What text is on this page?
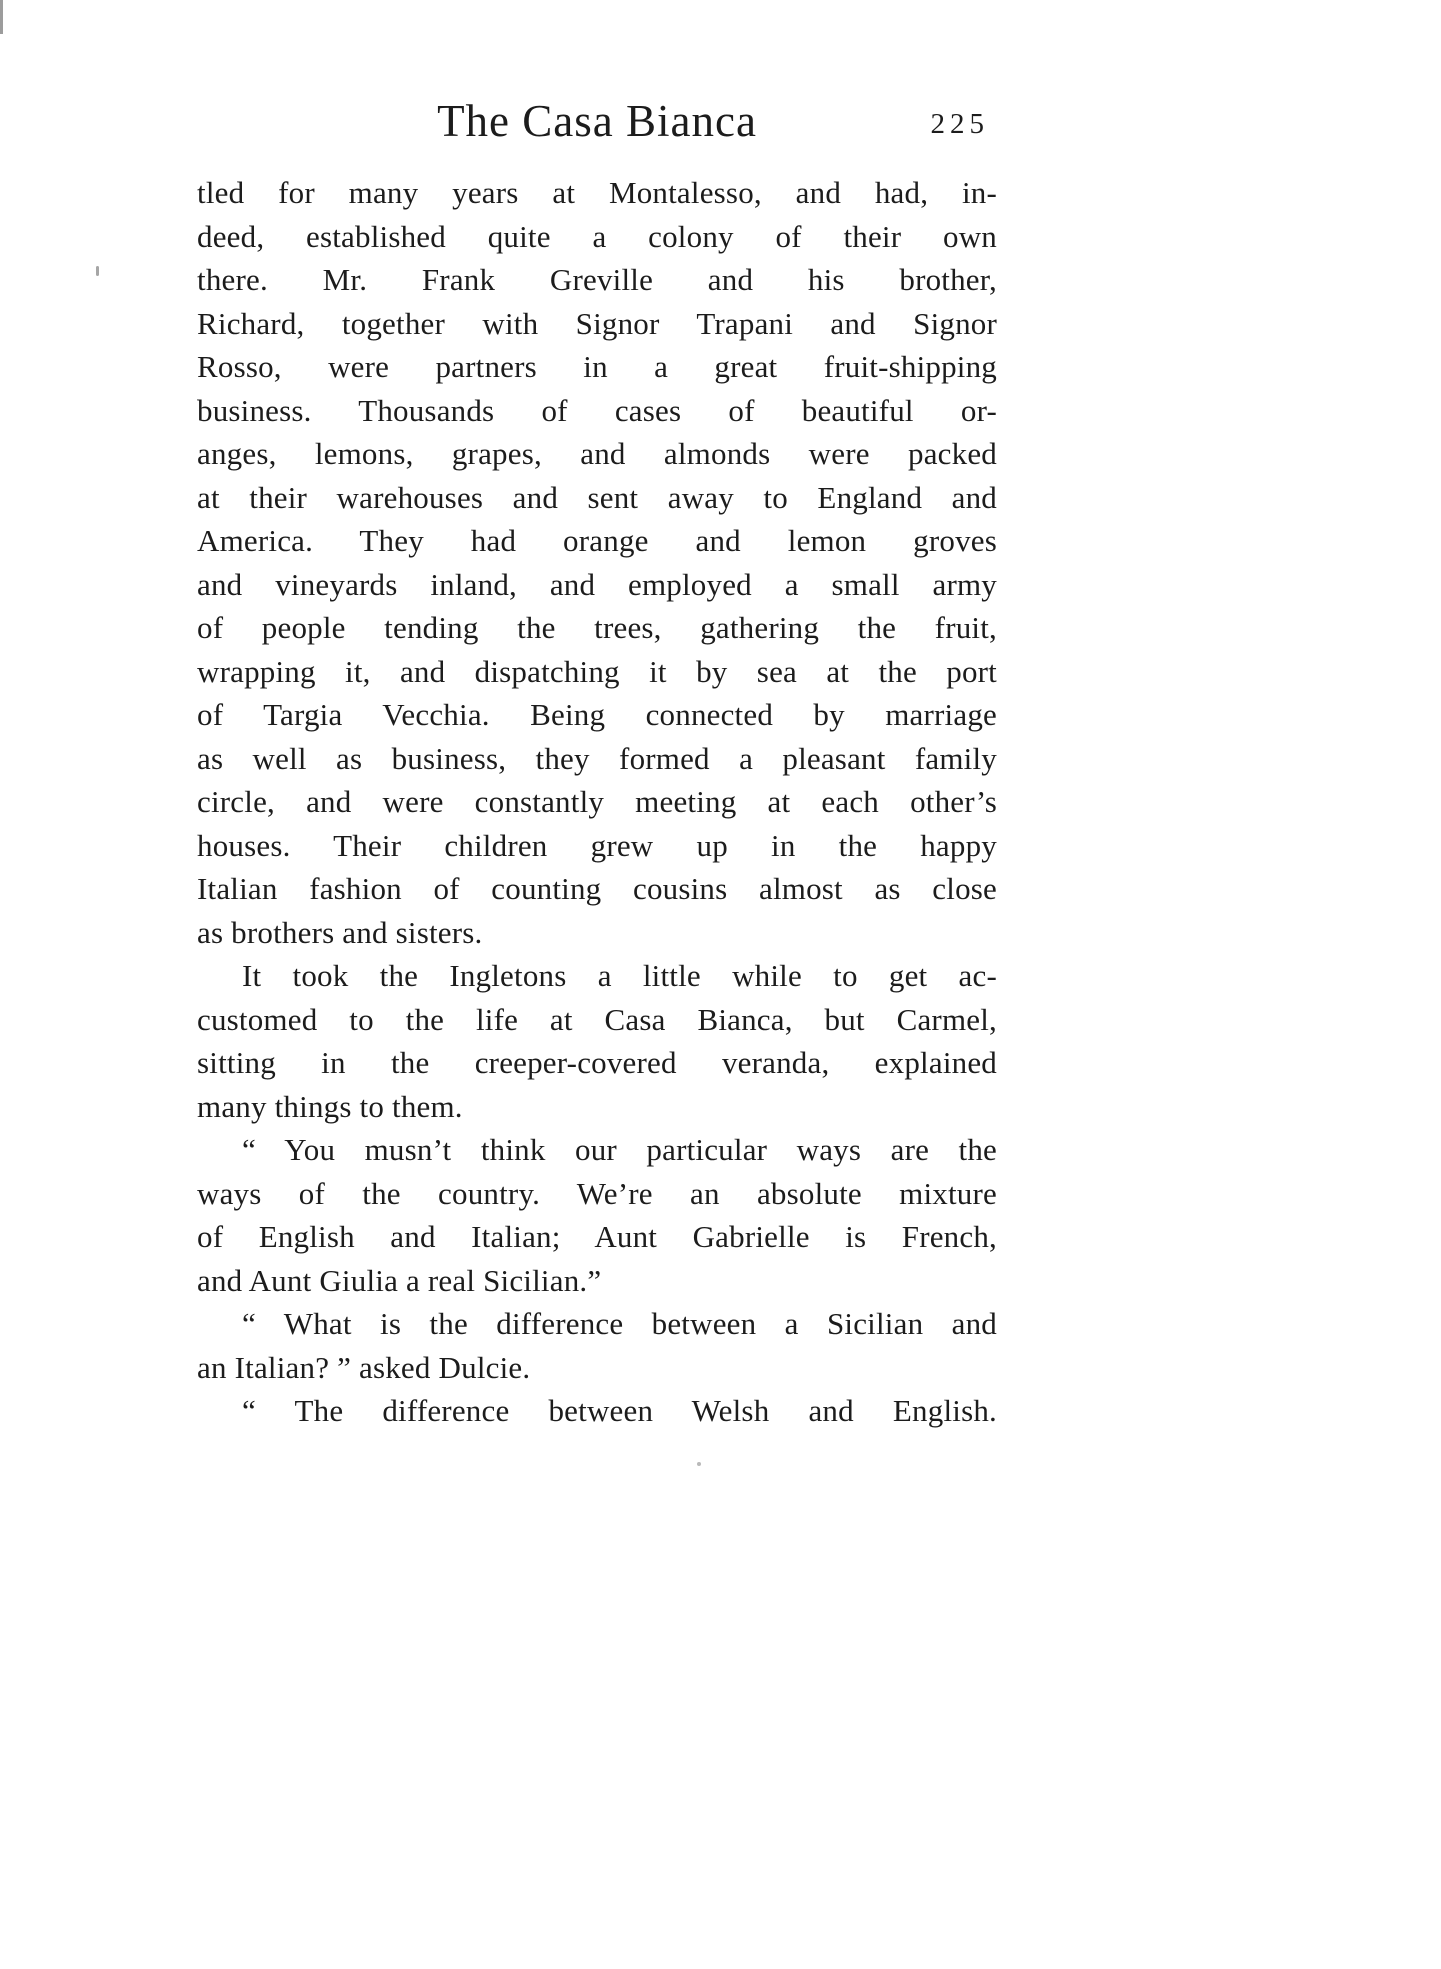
The Casa Bianca	225
tled for many years at Montalesso, and had, in-
deed, established quite a colony of their own
there. Mr. Frank Greville and his brother,
Richard, together with Signor Trapani and Signor
Rosso, were partners in a great fruit-shipping
business. Thousands of cases of beautiful or-
anges, lemons, grapes, and almonds were packed
at their warehouses and sent away to England and
America. They had orange and lemon groves
and vineyards inland, and employed a small army
of people tending the trees, gathering the fruit,
wrapping it, and dispatching it by sea at the port
of Targia Vecchia. Being connected by marriage
as well as business, they formed a pleasant family
circle, and were constantly meeting at each other’s
houses. Their children grew up in the happy
Italian fashion of counting cousins almost as close
as brothers and sisters.
It took the Ingletons a little while to get ac-
customed to the life at Casa Bianca, but Carmel,
sitting in the creeper-covered veranda, explained
many things to them.
“ You musn’t think our particular ways are the
ways of the country. We’re an absolute mixture
of English and Italian; Aunt Gabrielle is French,
and Aunt Giulia a real Sicilian.”
“ What is the difference between a Sicilian and
an Italian? ” asked Dulcie.
“ The difference between Welsh and English.
